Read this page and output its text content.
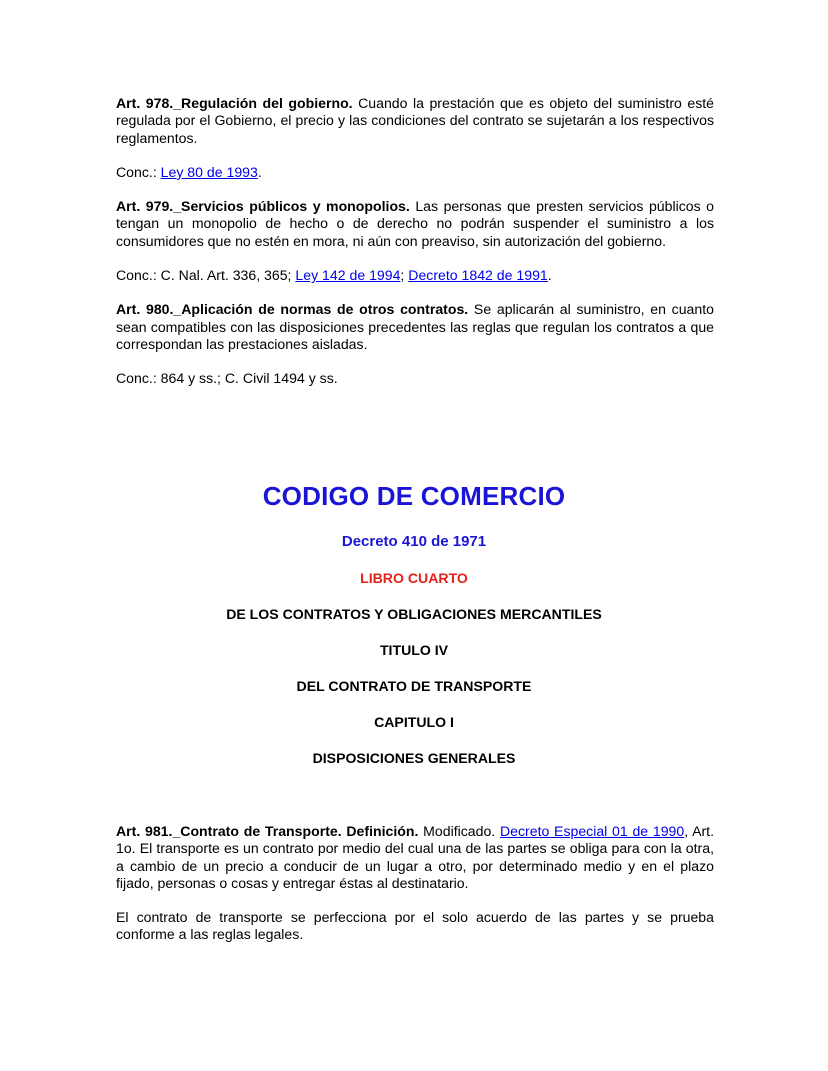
Art. 978._Regulación del gobierno. Cuando la prestación que es objeto del suministro esté regulada por el Gobierno, el precio y las condiciones del contrato se sujetarán a los respectivos reglamentos.

Conc.: Ley 80 de 1993.

Art. 979._Servicios públicos y monopolios. Las personas que presten servicios públicos o tengan un monopolio de hecho o de derecho no podrán suspender el suministro a los consumidores que no estén en mora, ni aún con preaviso, sin autorización del gobierno.

Conc.: C. Nal. Art. 336, 365; Ley 142 de 1994; Decreto 1842 de 1991.

Art. 980._Aplicación de normas de otros contratos. Se aplicarán al suministro, en cuanto sean compatibles con las disposiciones precedentes las reglas que regulan los contratos a que correspondan las prestaciones aisladas.

Conc.: 864 y ss.; C. Civil 1494 y ss.

CODIGO DE COMERCIO
Decreto 410 de 1971
LIBRO CUARTO
DE LOS CONTRATOS Y OBLIGACIONES MERCANTILES
TITULO IV
DEL CONTRATO DE TRANSPORTE
CAPITULO I
DISPOSICIONES GENERALES

Art. 981._Contrato de Transporte. Definición. Modificado. Decreto Especial 01 de 1990, Art. 1o. El transporte es un contrato por medio del cual una de las partes se obliga para con la otra, a cambio de un precio a conducir de un lugar a otro, por determinado medio y en el plazo fijado, personas o cosas y entregar éstas al destinatario.

El contrato de transporte se perfecciona por el solo acuerdo de las partes y se prueba conforme a las reglas legales.
